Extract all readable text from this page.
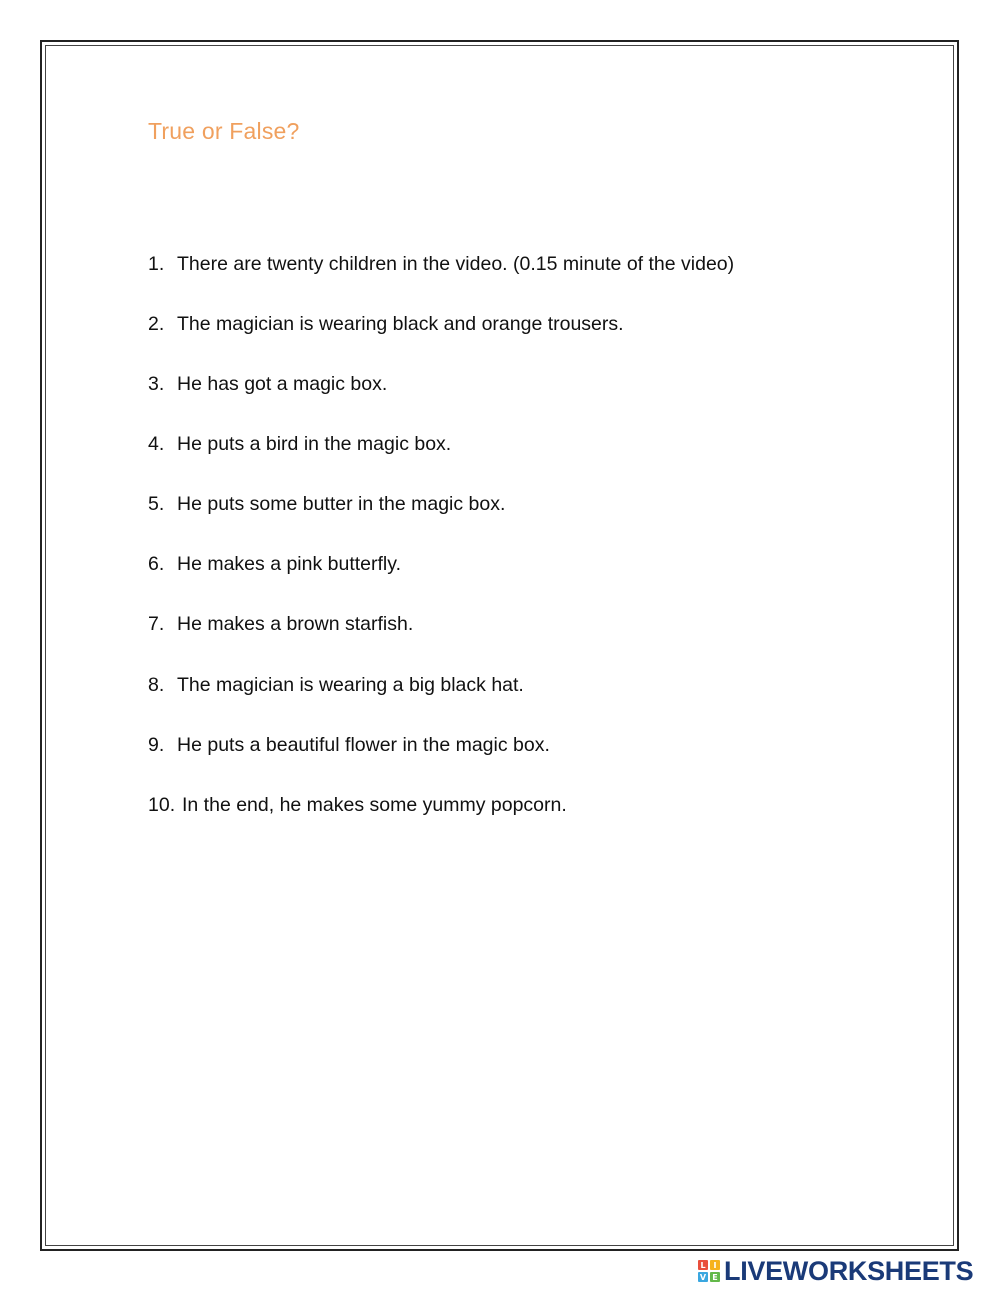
True or False?
1. There are twenty children in the video. (0.15 minute of the video)
2. The magician is wearing black and orange trousers.
3. He has got a magic box.
4. He puts a bird in the magic box.
5. He puts some butter in the magic box.
6. He makes a pink butterfly.
7. He makes a brown starfish.
8. The magician is wearing a big black hat.
9. He puts a beautiful flower in the magic box.
10. In the end, he makes some yummy popcorn.
L I
V E LIVEWORKSHEETS
